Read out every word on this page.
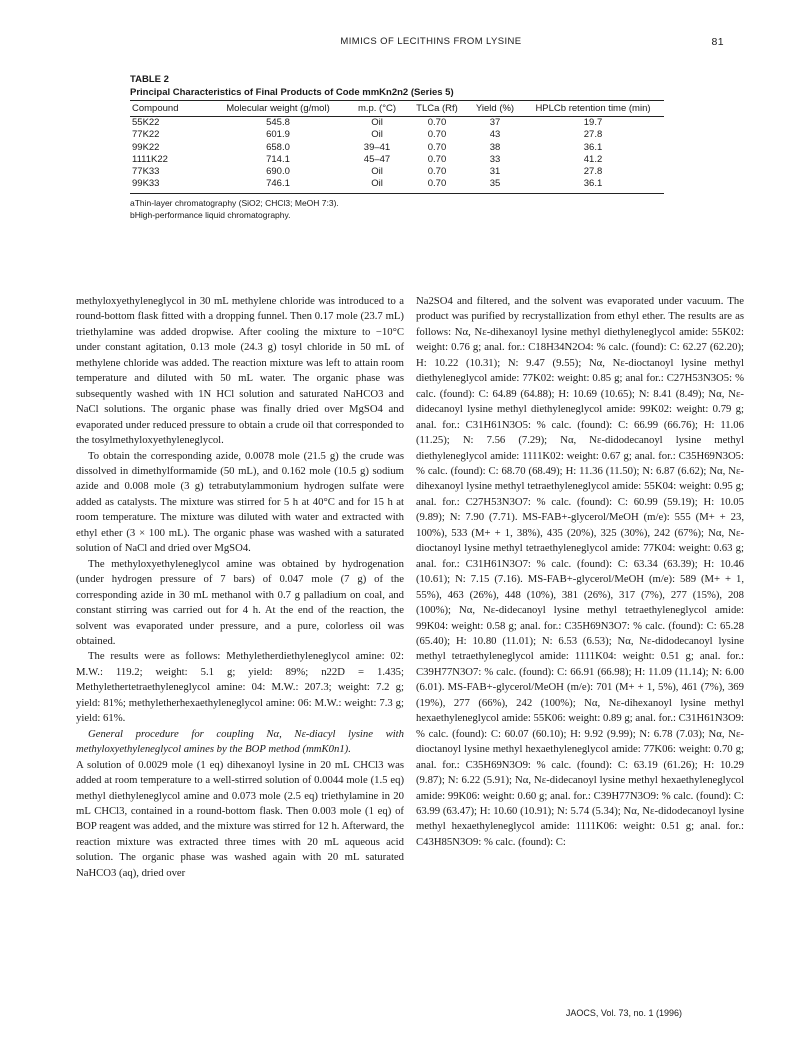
MIMICS OF LECITHINS FROM LYSINE	81
TABLE 2
Principal Characteristics of Final Products of Code mmKn2n2 (Series 5)
Compound	Molecular weight (g/mol)	m.p. (°C)	TLCa (Rf)	Yield (%)	HPLCb retention time (min)
55K22	545.8	Oil	0.70	37	19.7
77K22	601.9	Oil	0.70	43	27.8
99K22	658.0	39–41	0.70	38	36.1
1111K22	714.1	45–47	0.70	33	41.2
77K33	690.0	Oil	0.70	31	27.8
99K33	746.1	Oil	0.70	35	36.1
aThin-layer chromatography (SiO2; CHCl3; MeOH 7:3).
bHigh-performance liquid chromatography.

methyloxyethyleneglycol in 30 mL methylene chloride was introduced to a round-bottom flask fitted with a dropping funnel. Then 0.17 mole (23.7 mL) triethylamine was added dropwise. After cooling the mixture to −10°C under constant agitation, 0.13 mole (24.3 g) tosyl chloride in 50 mL of methylene chloride was added. The reaction mixture was left to attain room temperature and diluted with 50 mL water. The organic phase was subsequently washed with 1N HCl solution and saturated NaHCO3 and NaCl solutions. The organic phase was finally dried over MgSO4 and evaporated under reduced pressure to obtain a crude oil that corresponded to the tosylmethyloxyethyleneglycol.

To obtain the corresponding azide, 0.0078 mole (21.5 g) the crude was dissolved in dimethylformamide (50 mL), and 0.162 mole (10.5 g) sodium azide and 0.008 mole (3 g) tetrabutylammonium hydrogen sulfate were added as catalysts. The mixture was stirred for 5 h at 40°C and for 15 h at room temperature. The mixture was diluted with water and extracted with ethyl ether (3 × 100 mL). The organic phase was washed with a saturated solution of NaCl and dried over MgSO4.

The methyloxyethyleneglycol amine was obtained by hydrogenation (under hydrogen pressure of 7 bars) of 0.047 mole (7 g) of the corresponding azide in 30 mL methanol with 0.7 g palladium on coal, and constant stirring was carried out for 4 h. At the end of the reaction, the solvent was evaporated under pressure, and a pure, colorless oil was obtained.

The results were as follows: Methyletherdiethyleneglycol amine: 02: M.W.: 119.2; weight: 5.1 g; yield: 89%; n22D = 1.435; Methylethertetraethyleneglycol amine: 04: M.W.: 207.3; weight: 7.2 g; yield: 81%; methyletherhexaethyleneglycol amine: 06: M.W.: weight: 7.3 g; yield: 61%.

General procedure for coupling Nα, Nε-diacyl lysine with methyloxyethyleneglycol amines by the BOP method (mmK0n1).

A solution of 0.0029 mole (1 eq) dihexanoyl lysine in 20 mL CHCl3 was added at room temperature to a well-stirred solution of 0.0044 mole (1.5 eq) methyl diethyleneglycol amine and 0.073 mole (2.5 eq) triethylamine in 20 mL CHCl3, contained in a round-bottom flask. Then 0.003 mole (1 eq) of BOP reagent was added, and the mixture was stirred for 12 h. Afterward, the reaction mixture was extracted three times with 20 mL aqueous acid solution. The organic phase was washed again with 20 mL saturated NaHCO3 (aq), dried over

Na2SO4 and filtered, and the solvent was evaporated under vacuum. The product was purified by recrystallization from ethyl ether. The results are as follows: Nα, Nε-dihexanoyl lysine methyl diethyleneglycol amide: 55K02: weight: 0.76 g; anal. for.: C18H34N2O4: % calc. (found): C: 62.27 (62.20); H: 10.22 (10.31); N: 9.47 (9.55); Nα, Nε-dioctanoyl lysine methyl diethyleneglycol amide: 77K02: weight: 0.85 g; anal for.: C27H53N3O5: % calc. (found): C: 64.89 (64.88); H: 10.69 (10.65); N: 8.41 (8.49); Nα, Nε-didecanoyl lysine methyl diethyleneglycol amide: 99K02: weight: 0.79 g; anal. for.: C31H61N3O5: % calc. (found): C: 66.99 (66.76); H: 11.06 (11.25); N: 7.56 (7.29); Nα, Nε-didodecanoyl lysine methyl diethyleneglycol amide: 1111K02: weight: 0.67 g; anal. for.: C35H69N3O5: % calc. (found): C: 68.70 (68.49); H: 11.36 (11.50); N: 6.87 (6.62); Nα, Nε-dihexanoyl lysine methyl tetraethyleneglycol amide: 55K04: weight: 0.95 g; anal. for.: C27H53N3O7: % calc. (found): C: 60.99 (59.19); H: 10.05 (9.89); N: 7.90 (7.71). MS-FAB+-glycerol/MeOH (m/e): 555 (M+ + 23, 100%), 533 (M+ + 1, 38%), 435 (20%), 325 (30%), 242 (67%); Nα, Nε-dioctanoyl lysine methyl tetraethyleneglycol amide: 77K04: weight: 0.63 g; anal. for.: C31H61N3O7: % calc. (found): C: 63.34 (63.39); H: 10.46 (10.61); N: 7.15 (7.16). MS-FAB+-glycerol/MeOH (m/e): 589 (M+ + 1, 55%), 463 (26%), 448 (10%), 381 (26%), 317 (7%), 277 (15%), 208 (100%); Nα, Nε-didecanoyl lysine methyl tetraethyleneglycol amide: 99K04: weight: 0.58 g; anal. for.: C35H69N3O7: % calc. (found): C: 65.28 (65.40); H: 10.80 (11.01); N: 6.53 (6.53); Nα, Nε-didodecanoyl lysine methyl tetraethyleneglycol amide: 1111K04: weight: 0.51 g; anal. for.: C39H77N3O7: % calc. (found): C: 66.91 (66.98); H: 11.09 (11.14); N: 6.00 (6.01). MS-FAB+-glycerol/MeOH (m/e): 701 (M+ + 1, 5%), 461 (7%), 369 (19%), 277 (66%), 242 (100%); Nα, Nε-dihexanoyl lysine methyl hexaethyleneglycol amide: 55K06: weight: 0.89 g; anal. for.: C31H61N3O9: % calc. (found): C: 60.07 (60.10); H: 9.92 (9.99); N: 6.78 (7.03); Nα, Nε-dioctanoyl lysine methyl hexaethyleneglycol amide: 77K06: weight: 0.70 g; anal. for.: C35H69N3O9: % calc. (found): C: 63.19 (61.26); H: 10.29 (9.87); N: 6.22 (5.91); Nα, Nε-didecanoyl lysine methyl hexaethyleneglycol amide: 99K06: weight: 0.60 g; anal. for.: C39H77N3O9: % calc. (found): C: 63.99 (63.47); H: 10.60 (10.91); N: 5.74 (5.34); Nα, Nε-didodecanoyl lysine methyl hexaethyleneglycol amide: 1111K06: weight: 0.51 g; anal. for.: C43H85N3O9: % calc. (found): C:

JAOCS, Vol. 73, no. 1 (1996)
